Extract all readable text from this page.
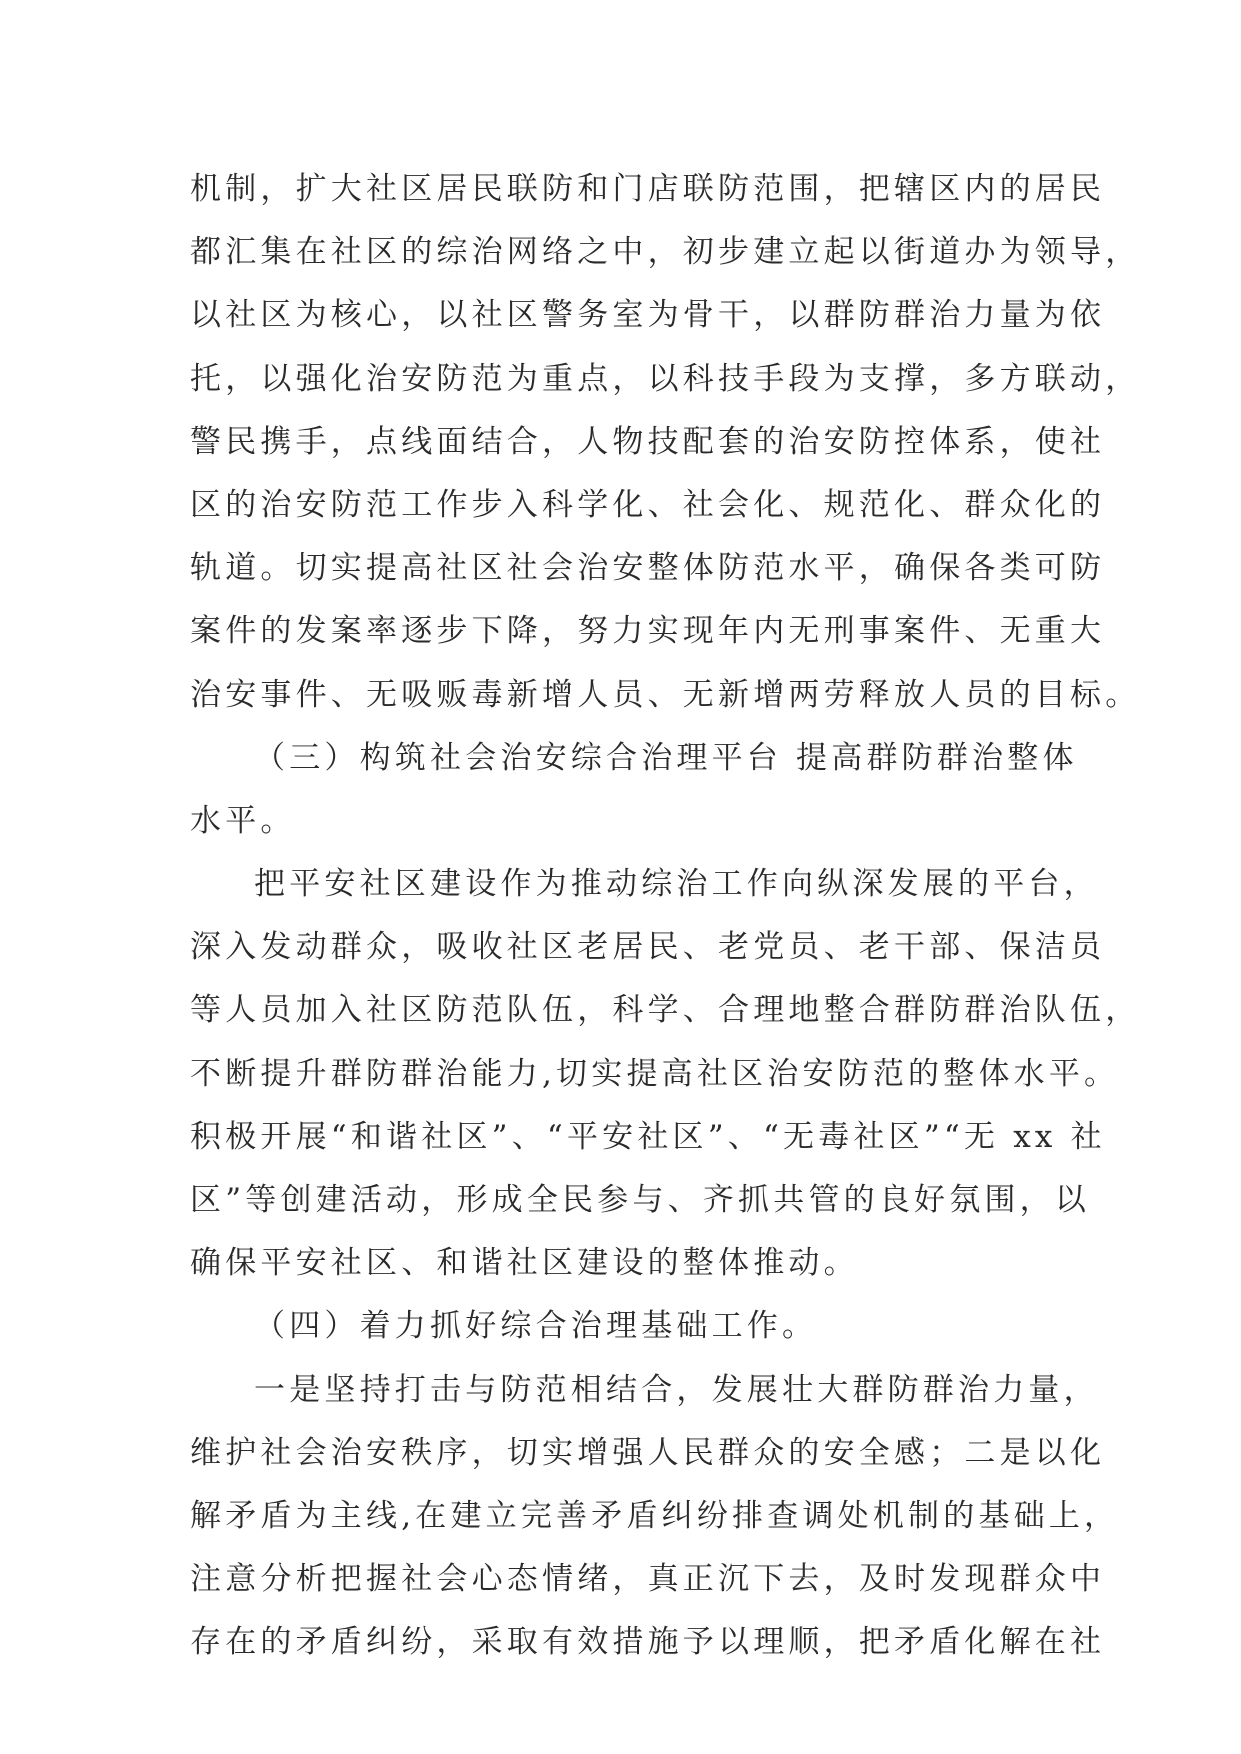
机制，扩大社区居民联防和门店联防范围，把辖区内的居民
都汇集在社区的综治网络之中，初步建立起以街道办为领导，
以社区为核心，以社区警务室为骨干，以群防群治力量为依
托，以强化治安防范为重点，以科技手段为支撑，多方联动，
警民携手，点线面结合，人物技配套的治安防控体系，使社
区的治安防范工作步入科学化、社会化、规范化、群众化的
轨道。切实提高社区社会治安整体防范水平，确保各类可防
案件的发案率逐步下降，努力实现年内无刑事案件、无重大
治安事件、无吸贩毒新增人员、无新增两劳释放人员的目标。
（三）构筑社会治安综合治理平台 提高群防群治整体
水平。
把平安社区建设作为推动综治工作向纵深发展的平台，
深入发动群众，吸收社区老居民、老党员、老干部、保洁员
等人员加入社区防范队伍，科学、合理地整合群防群治队伍，
不断提升群防群治能力,切实提高社区治安防范的整体水平。
积极开展“和谐社区”、“平安社区”、“无毒社区”“无 xx 社
区”等创建活动，形成全民参与、齐抓共管的良好氛围，以
确保平安社区、和谐社区建设的整体推动。
（四）着力抓好综合治理基础工作。
一是坚持打击与防范相结合，发展壮大群防群治力量，
维护社会治安秩序，切实增强人民群众的安全感；二是以化
解矛盾为主线,在建立完善矛盾纠纷排查调处机制的基础上，
注意分析把握社会心态情绪，真正沉下去，及时发现群众中
存在的矛盾纠纷，采取有效措施予以理顺，把矛盾化解在社
